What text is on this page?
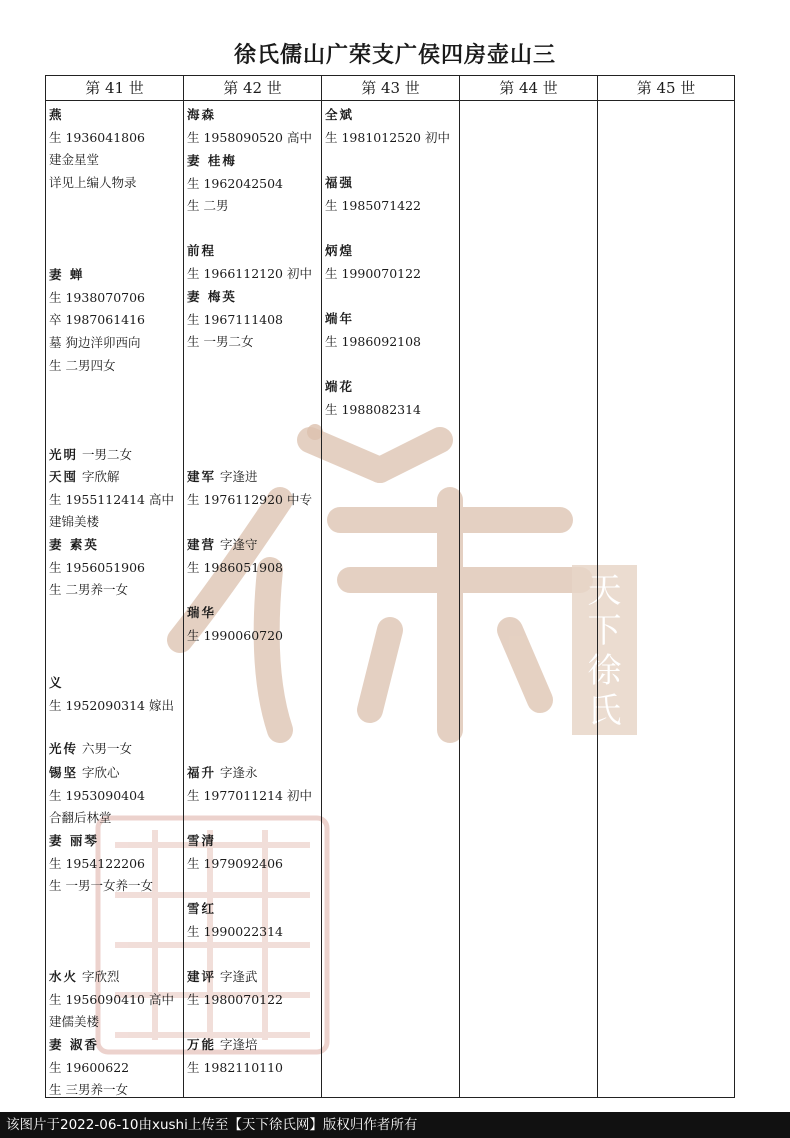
徐氏儒山广荣支广侯四房壶山三
天
下
徐
氏
第 41 世
燕
生 1936041806
建金星堂
详见上编人物录
妻 蝉
生 1938070706
卒 1987061416
墓 狗边洋卯西向
生 二男四女
光明 一男二女
天囤 字欣解
生 1955112414 高中
建锦美楼
妻 素英
生 1956051906
生 二男养一女
义
生 1952090314 嫁出
光传 六男一女
锡坚 字欣心
生 1953090404
合翻后林堂
妻 丽琴
生 1954122206
生 一男一女养一女
水火 字欣烈
生 1956090410 高中
建儒美楼
妻 淑香
生 19600622
生 三男养一女
第 42 世
海森
生 1958090520 高中
妻 桂梅
生 1962042504
生 二男
前程
生 1966112120 初中
妻 梅英
生 1967111408
生 一男二女
建军 字逢进
生 1976112920 中专
建营 字逢守
生 1986051908
瑞华
生 1990060720
福升 字逢永
生 1977011214 初中
雪清
生 1979092406
雪红
生 1990022314
建评 字逢武
生 1980070122
万能 字逢培
生 1982110110
第 43 世
全斌
生 1981012520 初中
福强
生 1985071422
炳煌
生 1990070122
端年
生 1986092108
端花
生 1988082314
第 44 世	第 45 世
该图片于2022-06-10由xushi上传至【天下徐氏网】版权归作者所有
